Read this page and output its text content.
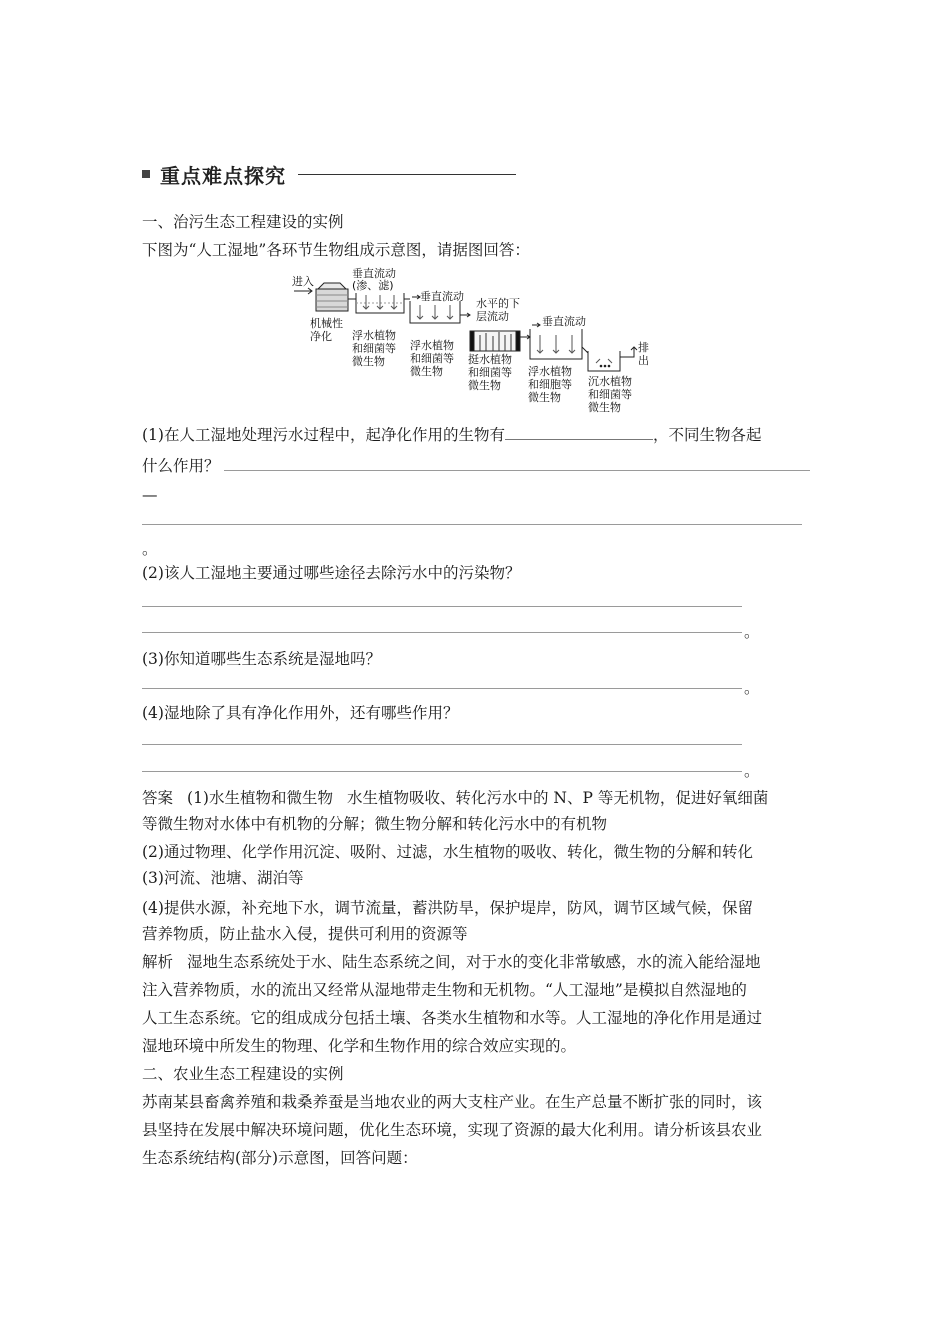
重点难点探究
一、治污生态工程建设的实例
下图为“人工湿地”各环节生物组成示意图，请据图回答：
进入
垂直流动
(渗、滤)
垂直流动
水平的下
层流动	垂直流动
机械性
净化 浮水植物
和细菌等
微生物
浮水植物
和细菌等
微生物
挺水植物
和细菌等
微生物
浮水植物
和细胞等
微生物
沉水植物
和细菌等
微生物
排
出
(1)在人工湿地处理污水过程中，起净化作用的生物有	，不同生物各起
什么作用？
—
。
(2)该人工湿地主要通过哪些途径去除污水中的污染物？
。
(3)你知道哪些生态系统是湿地吗？
。
(4)湿地除了具有净化作用外，还有哪些作用？
。
答案 (1)水生植物和微生物 水生植物吸收、转化污水中的 N、P 等无机物，促进好氧细菌
等微生物对水体中有机物的分解；微生物分解和转化污水中的有机物
(2)通过物理、化学作用沉淀、吸附、过滤，水生植物的吸收、转化，微生物的分解和转化
(3)河流、池塘、湖泊等
(4)提供水源，补充地下水，调节流量，蓄洪防旱，保护堤岸，防风，调节区域气候，保留
营养物质，防止盐水入侵，提供可利用的资源等
解析 湿地生态系统处于水、陆生态系统之间，对于水的变化非常敏感，水的流入能给湿地
注入营养物质，水的流出又经常从湿地带走生物和无机物。“人工湿地”是模拟自然湿地的
人工生态系统。它的组成成分包括土壤、各类水生植物和水等。人工湿地的净化作用是通过
湿地环境中所发生的物理、化学和生物作用的综合效应实现的。
二、农业生态工程建设的实例
苏南某县畜禽养殖和栽桑养蚕是当地农业的两大支柱产业。在生产总量不断扩张的同时，该
县坚持在发展中解决环境问题，优化生态环境，实现了资源的最大化利用。请分析该县农业
生态系统结构(部分)示意图，回答问题：
